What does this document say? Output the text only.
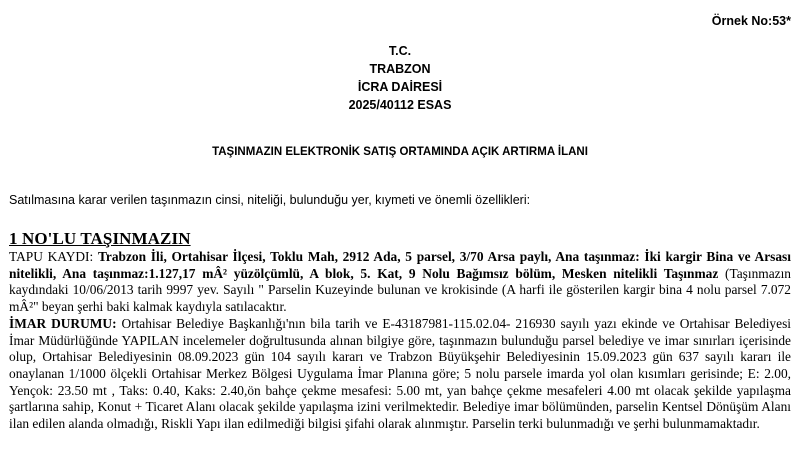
Örnek No:53*
T.C.
TRABZON
İCRA DAİRESİ
2025/40112 ESAS
TAŞINMAZIN ELEKTRONİK SATIŞ ORTAMINDA AÇIK ARTIRMA İLANI
Satılmasına karar verilen taşınmazın cinsi, niteliği, bulunduğu yer, kıymeti ve önemli özellikleri:
1 NO'LU TAŞINMAZIN
TAPU KAYDI: Trabzon İli, Ortahisar İlçesi, Toklu Mah, 2912 Ada, 5 parsel, 3/70 Arsa paylı, Ana taşınmaz: İki kargir Bina ve Arsası nitelikli, Ana taşınmaz:1.127,17 mÂ² yüzölçümlü, A blok, 5. Kat, 9 Nolu Bağımsız bölüm, Mesken nitelikli Taşınmaz (Taşınmazın kaydındaki 10/06/2013 tarih 9997 yev. Sayılı " Parselin Kuzeyinde bulunan ve krokisinde (A harfi ile gösterilen kargir bina 4 nolu parsel 7.072 mÂ²" beyan şerhi baki kalmak kaydıyla satılacaktır.
İMAR DURUMU: Ortahisar Belediye Başkanlığı'nın bila tarih ve E-43187981-115.02.04- 216930 sayılı yazı ekinde ve Ortahisar Belediyesi İmar Müdürlüğünde YAPILAN incelemeler doğrultusunda alınan bilgiye göre, taşınmazın bulunduğu parsel belediye ve imar sınırları içerisinde olup, Ortahisar Belediyesinin 08.09.2023 gün 104 sayılı kararı ve Trabzon Büyükşehir Belediyesinin 15.09.2023 gün 637 sayılı kararı ile onaylanan 1/1000 ölçekli Ortahisar Merkez Bölgesi Uygulama İmar Planına göre; 5 nolu parsele imarda yol olan kısımları gerisinde; E: 2.00, Yençok: 23.50 mt , Taks: 0.40, Kaks: 2.40,ön bahçe çekme mesafesi: 5.00 mt, yan bahçe çekme mesafeleri 4.00 mt olacak şekilde yapılaşma şartlarına sahip, Konut + Ticaret Alanı olacak şekilde yapılaşma izini verilmektedir. Belediye imar bölümünden, parselin Kentsel Dönüşüm Alanı ilan edilen alanda olmadığı, Riskli Yapı ilan edilmediği bilgisi şifahi olarak alınmıştır. Parselin terki bulunmadığı ve şerhi bulunmamaktadır.
